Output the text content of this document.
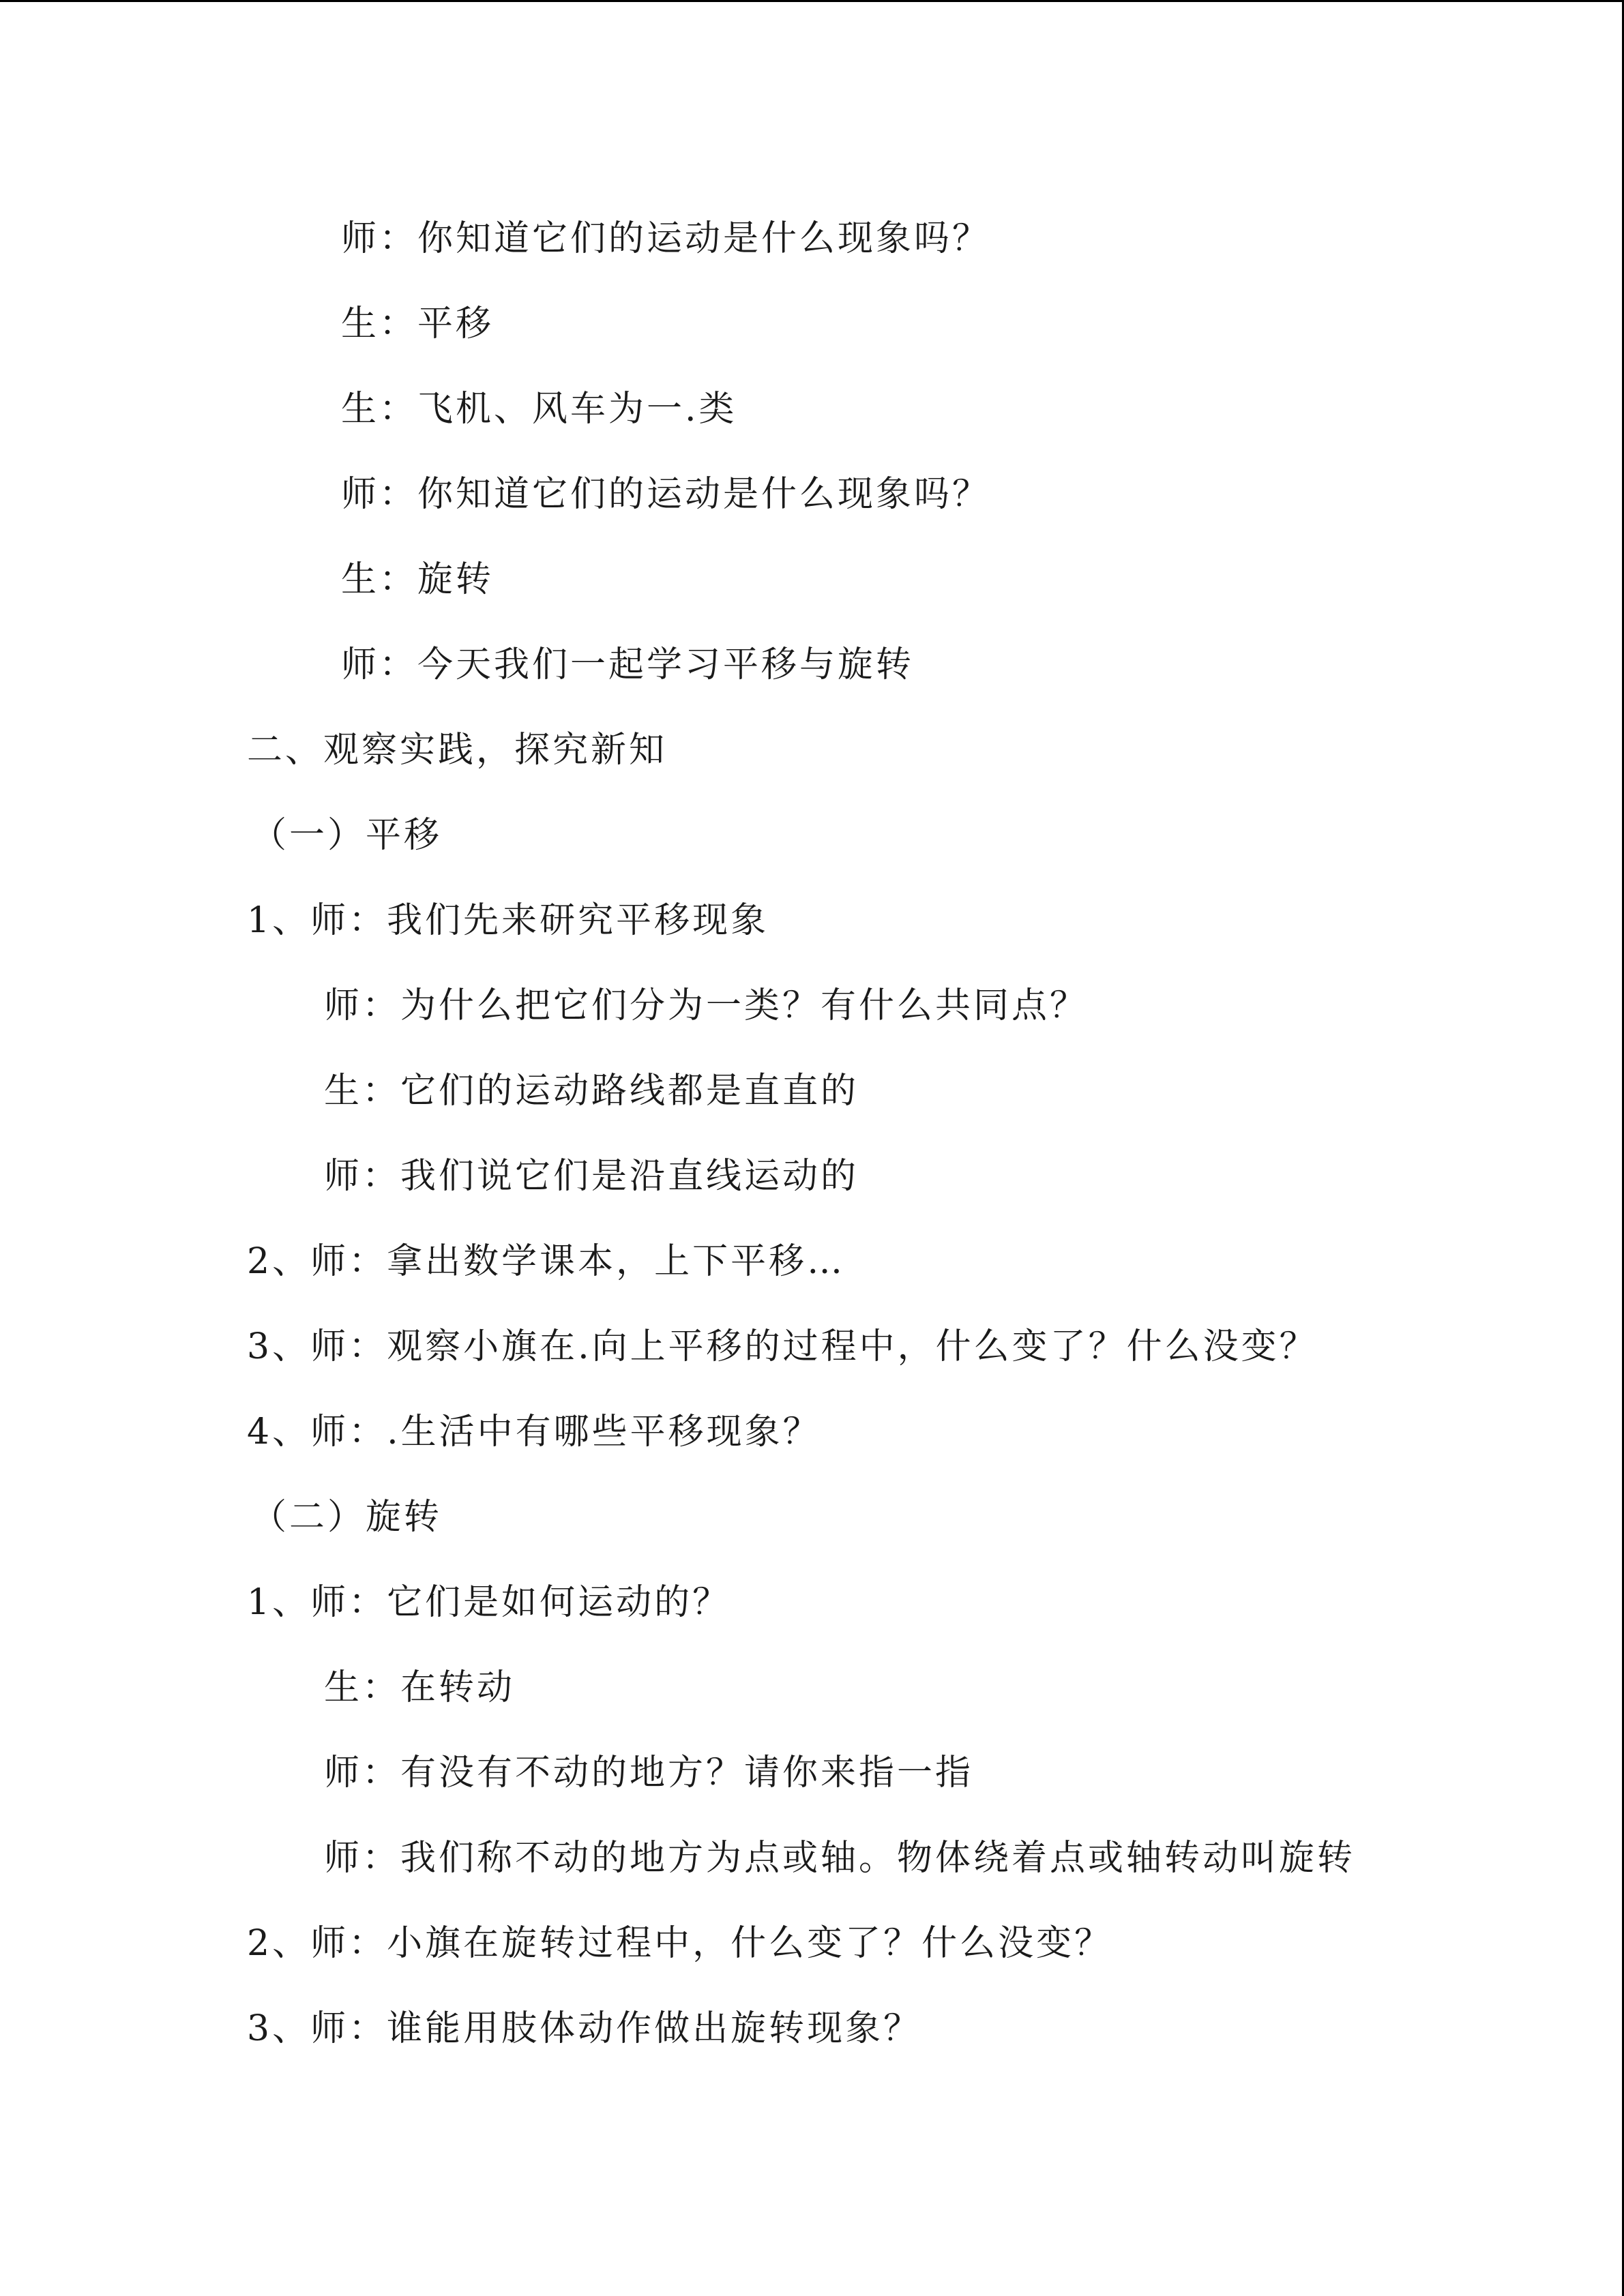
师：你知道它们的运动是什么现象吗？
生：平移
生：飞机、风车为一.类
师：你知道它们的运动是什么现象吗？
生：旋转
师：今天我们一起学习平移与旋转
二、观察实践，探究新知
（一）平移
1、师：我们先来研究平移现象
师：为什么把它们分为一类？有什么共同点？
生：它们的运动路线都是直直的
师：我们说它们是沿直线运动的
2、师：拿出数学课本，上下平移…
3、师：观察小旗在.向上平移的过程中，什么变了？什么没变？
4、师：.生活中有哪些平移现象？
（二）旋转
1、师：它们是如何运动的？
生：在转动
师：有没有不动的地方？请你来指一指
师：我们称不动的地方为点或轴。物体绕着点或轴转动叫旋转
2、师：小旗在旋转过程中，什么变了？什么没变？
3、师：谁能用肢体动作做出旋转现象？
